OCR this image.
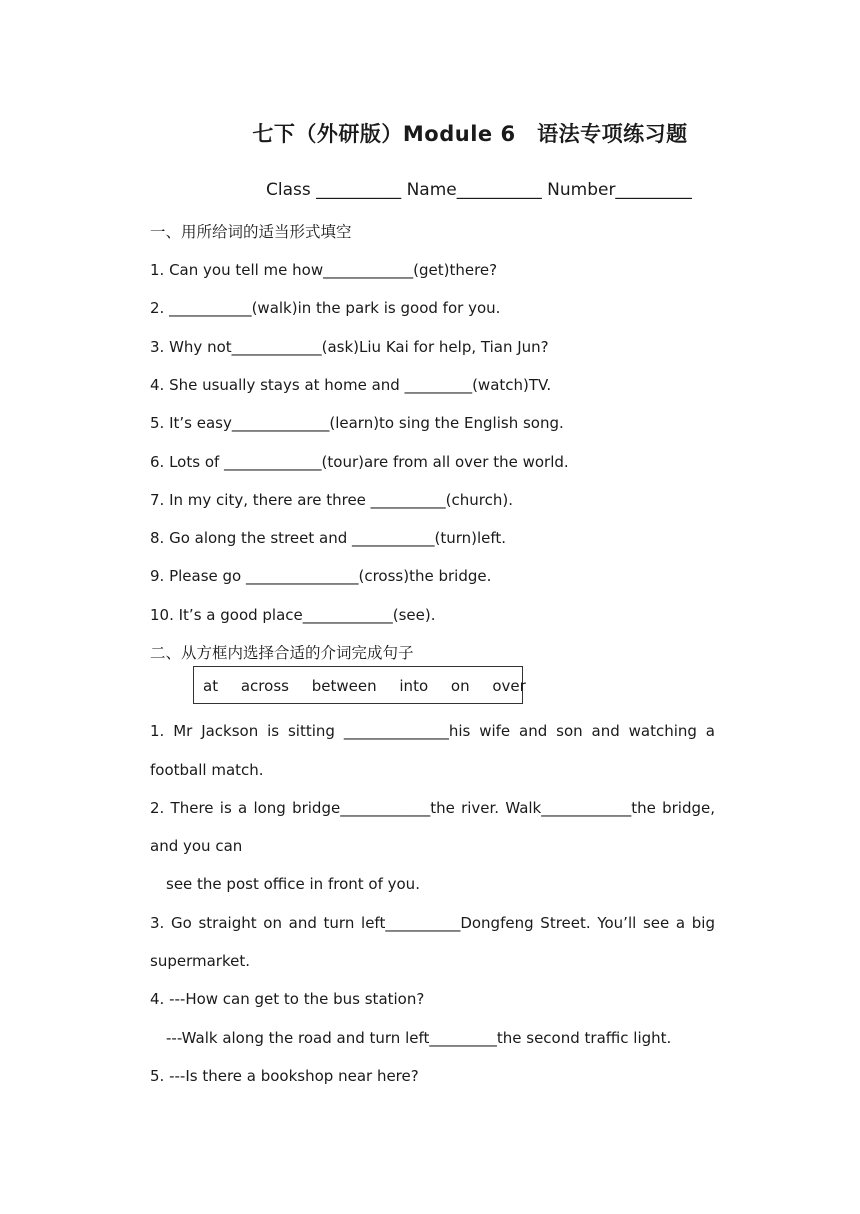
七下（外研版）Module 6　语法专项练习题
Class __________ Name__________ Number_________
一、用所给词的适当形式填空
1. Can you tell me how____________(get)there?
2. ___________(walk)in the park is good for you.
3. Why not____________(ask)Liu Kai for help, Tian Jun?
4. She usually stays at home and _________(watch)TV.
5. It’s easy_____________(learn)to sing the English song.
6. Lots of _____________(tour)are from all over the world.
7. In my city, there are three __________(church).
8. Go along the street and ___________(turn)left.
9. Please go _______________(cross)the bridge.
10. It’s a good place____________(see).
二、从方框内选择合适的介词完成句子
at across between into on over
1. Mr Jackson is sitting ______________his wife and son and watching a
football match.
2. There is a long bridge____________the river. Walk____________the bridge,
and you can
see the post office in front of you.
3. Go straight on and turn left__________Dongfeng Street. You’ll see a big
supermarket.
4. ---How can get to the bus station?
---Walk along the road and turn left_________the second traffic light.
5. ---Is there a bookshop near here?
